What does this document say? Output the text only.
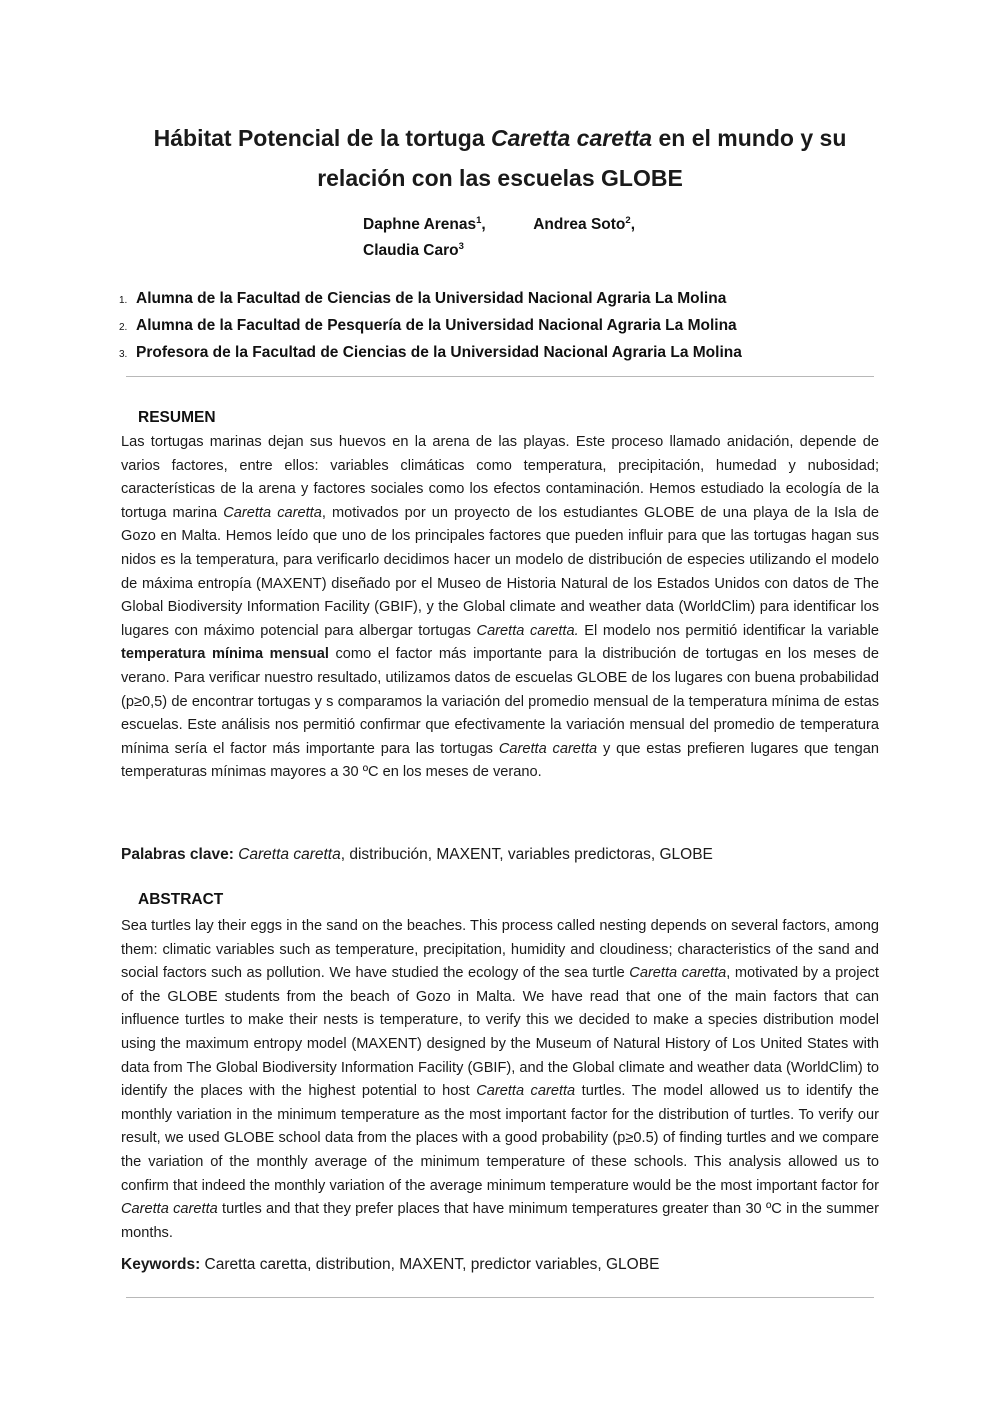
Hábitat Potencial de la tortuga Caretta caretta en el mundo y su
relación con las escuelas GLOBE
Daphne Arenas$^1$,	Andrea Soto$^2$,
Claudia Caro$^3$
1. Alumna de la Facultad de Ciencias de la Universidad Nacional Agraria La Molina
2. Alumna de la Facultad de Pesquería de la Universidad Nacional Agraria La Molina
3. Profesora de la Facultad de Ciencias de la Universidad Nacional Agraria La Molina
RESUMEN
Las tortugas marinas dejan sus huevos en la arena de las playas. Este proceso llamado anidación, depende de varios factores, entre ellos: variables climáticas como temperatura, precipitación, humedad y nubosidad; características de la arena y factores sociales como los efectos contaminación. Hemos estudiado la ecología de la tortuga marina Caretta caretta, motivados por un proyecto de los estudiantes GLOBE de una playa de la Isla de Gozo en Malta. Hemos leído que uno de los principales factores que pueden influir para que las tortugas hagan sus nidos es la temperatura, para verificarlo decidimos hacer un modelo de distribución de especies utilizando el modelo de máxima entropía (MAXENT) diseñado por el Museo de Historia Natural de los Estados Unidos con datos de The Global Biodiversity Information Facility (GBIF), y the Global climate and weather data (WorldClim) para identificar los lugares con máximo potencial para albergar tortugas Caretta caretta. El modelo nos permitió identificar la variable temperatura mínima mensual como el factor más importante para la distribución de tortugas en los meses de verano. Para verificar nuestro resultado, utilizamos datos de escuelas GLOBE de los lugares con buena probabilidad (p≥0,5) de encontrar tortugas y s comparamos la variación del promedio mensual de la temperatura mínima de estas escuelas. Este análisis nos permitió confirmar que efectivamente la variación mensual del promedio de temperatura mínima sería el factor más importante para las tortugas Caretta caretta y que estas prefieren lugares que tengan temperaturas mínimas mayores a 30 ºC en los meses de verano.
Palabras clave: Caretta caretta, distribución, MAXENT, variables predictoras, GLOBE
ABSTRACT
Sea turtles lay their eggs in the sand on the beaches. This process called nesting depends on several factors, among them: climatic variables such as temperature, precipitation, humidity and cloudiness; characteristics of the sand and social factors such as pollution. We have studied the ecology of the sea turtle Caretta caretta, motivated by a project of the GLOBE students from the beach of Gozo in Malta. We have read that one of the main factors that can influence turtles to make their nests is temperature, to verify this we decided to make a species distribution model using the maximum entropy model (MAXENT) designed by the Museum of Natural History of Los United States with data from The Global Biodiversity Information Facility (GBIF), and the Global climate and weather data (WorldClim) to identify the places with the highest potential to host Caretta caretta turtles. The model allowed us to identify the monthly variation in the minimum temperature as the most important factor for the distribution of turtles. To verify our result, we used GLOBE school data from the places with a good probability (p≥0.5) of finding turtles and we compare the variation of the monthly average of the minimum temperature of these schools. This analysis allowed us to confirm that indeed the monthly variation of the average minimum temperature would be the most important factor for Caretta caretta turtles and that they prefer places that have minimum temperatures greater than 30 ºC in the summer months.
Keywords: Caretta caretta, distribution, MAXENT, predictor variables, GLOBE
